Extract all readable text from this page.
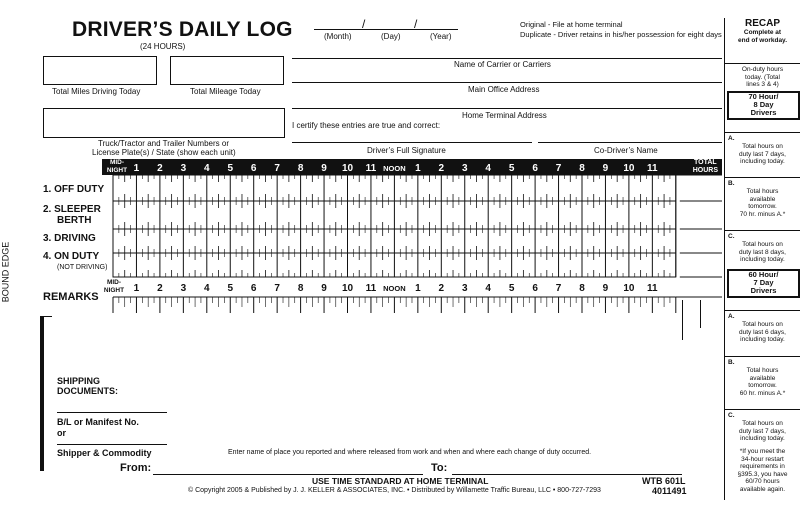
DRIVER’S DAILY LOG
(24 HOURS)
/	/
(Month)	(Day)	(Year)
Original - File at home terminal
Duplicate - Driver retains in his/her possession for eight days
Total Miles Driving Today	Total Mileage Today
Name of Carrier or Carriers
Main Office Address
Home Terminal Address
I certify these entries are true and correct:
Truck/Tractor and Trailer Numbers or
License Plate(s) / State (show each unit)	Driver’s Full Signature	Co-Driver’s Name
MID-
NIGHT
TOTAL
HOURS
1 2 3 4 5 6 7 8 9 10 11 NOON 1 2 3 4 5 6 7 8 9 10 11
1. OFF DUTY
2. SLEEPER
BERTH
3. DRIVING
4. ON DUTY
(NOT DRIVING)
MID-
NIGHT 1 2 3 4 5 6 7 8 9 10 11 NOON 1 2 3 4 5 6 7 8 9 10 11
REMARKS
SHIPPING
DOCUMENTS:
B/L or Manifest No.
or
Shipper & Commodity	Enter name of place you reported and where released from work and when and where each change of duty occurred.
From:	To:
USE TIME STANDARD AT HOME TERMINAL
© Copyright 2005 & Published by J. J. KELLER & ASSOCIATES, INC. • Distributed by Willamette Traffic Bureau, LLC • 800-727-7293
WTB 601L
4011491
BOUND EDGE
RECAP
Complete at
end of workday.
On-duty hours
today. (Total
lines 3 & 4)
70 Hour/
8 Day
Drivers
A.
Total hours on
duty last 7 days,
including today.
B.
Total hours
available
tomorrow.
70 hr. minus A.*
C.
Total hours on
duty last 8 days,
including today.
60 Hour/
7 Day
Drivers
A.
Total hours on
duty last 6 days,
including today.
B.
Total hours
available
tomorrow.
60 hr. minus A.*
C.
Total hours on
duty last 7 days,
including today.
*If you meet the
34-hour restart
requirements in
§395.3, you have
60/70 hours
available again.
